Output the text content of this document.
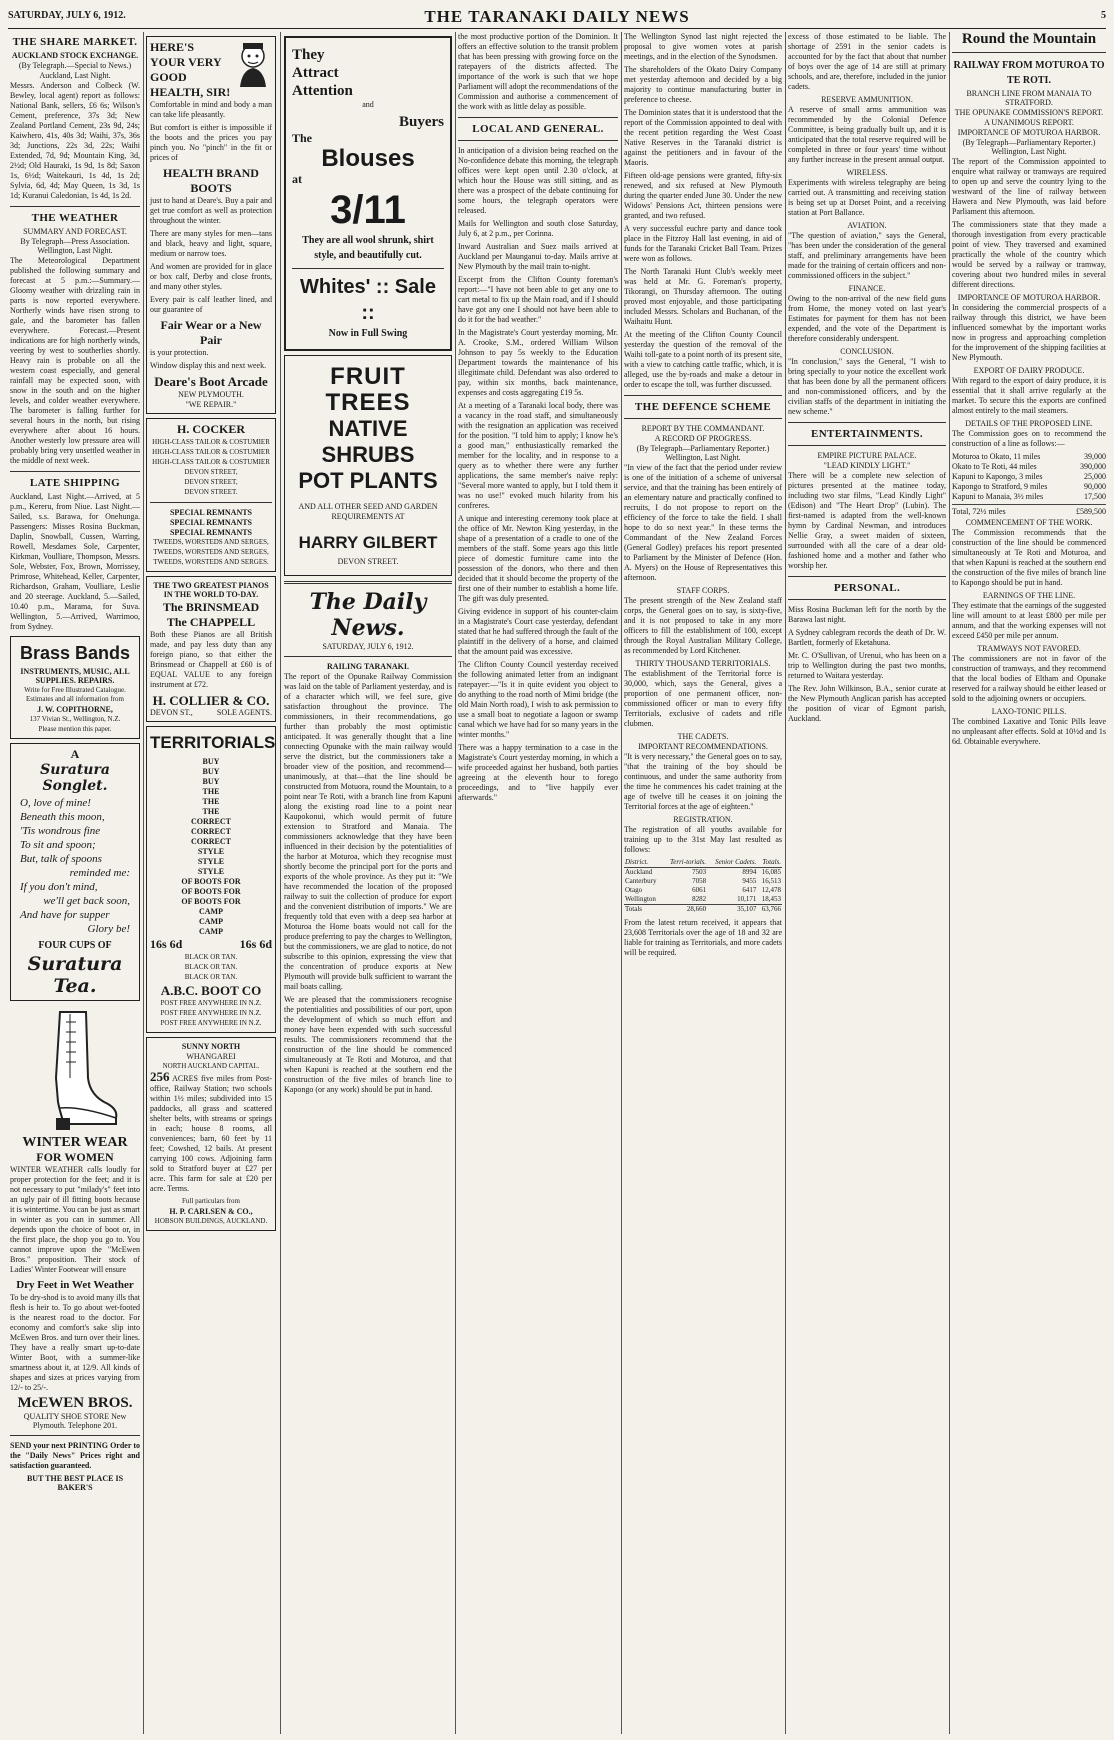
SATURDAY, JULY 6, 1912.	THE TARANAKI DAILY NEWS	5
THE SHARE MARKET.
AUCKLAND STOCK EXCHANGE.
(By Telegraph.—Special to News.)
Auckland, Last Night.

Messrs. Anderson and Colbeck (W. Bewley, local agent) report as follows: National Bank, sellers, £6 6s; Wilson's Cement, preference, 37s 3d; New Zealand Portland Cement, 23s 9d, 24s; Kaiwhero, 41s, 40s 3d; Waihi, 37s, 36s 3d; Junctions, 22s 3d, 22s; Waihi Extended, 7d, 9d; Mountain King, 3d, 2½d; Old Hauraki, 1s 9d, 1s 8d; Saxon 1s, 6½d; Waitekauri, 1s 4d, 1s 2d; Sylvia, 6d, 4d; May Queen, 1s 3d, 1s 1d; Kuranui Caledonian, 1s 4d, 1s 2d.

THE WEATHER
SUMMARY AND FORECAST.
By Telegraph—Press Association. Wellington, Last Night.

The Meteorological Department published the following summary and forecast at 5 p.m.:—Summary.—Gloomy weather with drizzling rain in parts is now reported everywhere. Northerly winds have risen strong to gale, and the barometer has fallen everywhere. Forecast.—Present indications are for high northerly winds, veering by west to southerlies shortly. Heavy rain is probable on all the western coast especially, and general rainfall may be expected soon, with snow in the south and on the higher levels, and colder weather everywhere. The barometer is falling further for several hours in the north, but rising everywhere after about 16 hours. Another westerly low pressure area will probably bring very unsettled weather in the middle of next week.

LATE SHIPPING

Auckland, Last Night.—Arrived, at 5 p.m., Kereru, from Niue. Last Night.—Sailed, s.s. Barawa, for Onehunga. Passengers: Misses Rosina Buckman, Daplin, Snowball, Cussen, Warring, Rowell, Mesdames Sole, Carpenter, Kirkman, Voulliare, Thompson, Messrs. Sole, Webster, Fox, Brown, Morrissey, Primrose, Whitehead, Keller, Carpenter, Richardson, Graham, Voulliare, Leslie and 20 steerage. Auckland, 5.—Sailed, 10.40 p.m., Marama, for Suva. Wellington, 5.—Arrived, Warrimoo, from Sydney.

Brass Bands
INSTRUMENTS, MUSIC, ALL SUPPLIES. REPAIRS.
Write for Free Illustrated Catalogue. Estimates and all information from
J. W. COPITHORNE,
137 Vivian St., Wellington, N.Z.
Please mention this paper.
A
Suratura Songlet.
O, love of mine!
Beneath this moon,
'Tis wondrous fine
To sit and spoon;
But, talk of spoons
reminded me:
If you don't mind,
we'll get back soon,
And have for supper
Glory be!
FOUR CUPS OF
Suratura Tea.
WINTER WEAR
FOR WOMEN

WINTER WEATHER calls loudly for proper protection for the feet; and it is not necessary to put "milady's" feet into an ugly pair of ill fitting boots because it is wintertime. You can be just as smart in winter as you can in summer. All depends upon the choice of boot or, in the first place, the shop you go to. You cannot improve upon the "McEwen Bros." proposition. Their stock of Ladies' Winter Footwear will ensure

Dry Feet in Wet Weather

To be dry-shod is to avoid many ills that flesh is heir to. To go about wet-footed is the nearest road to the doctor. For economy and comfort's sake slip into McEwen Bros. and turn over their lines. They have a really smart up-to-date Winter Boot, with a summer-like smartness about it, at 12/9. All kinds of shapes and sizes at prices varying from 12/- to 25/-.

McEWEN BROS.
QUALITY SHOE STORE New Plymouth. Telephone 201.

SEND your next PRINTING Order to the "Daily News" Prices right and satisfaction guaranteed.

BUT THE BEST PLACE IS BAKER'S
HERE'S YOUR VERY GOOD HEALTH, SIR!

Comfortable in mind and body a man can take life pleasantly.

But comfort is either is impossible if the boots and the prices you pay pinch you. No "pinch" in the fit or prices of

HEALTH BRAND BOOTS

just to hand at Deare's. Buy a pair and get true comfort as well as protection throughout the winter.

There are many styles for men—tans and black, heavy and light, square, medium or narrow toes.

And women are provided for in glace or box calf, Derby and close fronts, and many other styles.

Every pair is calf leather lined, and our guarantee of

Fair Wear or a New Pair

is your protection.

Window display this and next week.

Deare's Boot Arcade
NEW PLYMOUTH.
"WE REPAIR."
H. COCKER
HIGH-CLASS TAILOR & COSTUMIER
HIGH-CLASS TAILOR & COSTUMIER
HIGH-CLASS TAILOR & COSTUMIER
DEVON STREET,
DEVON STREET,
DEVON STREET.
SPECIAL REMNANTS
SPECIAL REMNANTS
SPECIAL REMNANTS
TWEEDS, WORSTEDS AND SERGES,
TWEEDS, WORSTEDS AND SERGES,
TWEEDS, WORSTEDS AND SERGES.
THE TWO GREATEST PIANOS IN THE WORLD TO-DAY.
The BRINSMEAD
The CHAPPELL

Both these Pianos are all British made, and pay less duty than any foreign piano, so that either the Brinsmead or Chappell at £60 is of EQUAL VALUE to any foreign instrument at £72.

H. COLLIER & CO.
DEVON ST.,	SOLE AGENTS.
TERRITORIALS
BUY
BUY
BUY
THE
THE
THE
CORRECT
CORRECT
CORRECT
STYLE
STYLE
STYLE
OF BOOTS FOR
OF BOOTS FOR
OF BOOTS FOR
CAMP
CAMP
CAMP
16s 6d	16s 6d
BLACK OR TAN.
BLACK OR TAN.
BLACK OR TAN.
A.B.C. BOOT CO
POST FREE ANYWHERE IN N.Z.
POST FREE ANYWHERE IN N.Z.
POST FREE ANYWHERE IN N.Z.
SUNNY NORTH
WHANGAREI
NORTH AUCKLAND CAPITAL.

256 ACRES five miles from Post-office, Railway Station; two schools within 1½ miles; subdivided into 15 paddocks, all grass and scattered shelter belts, with streams or springs in each; house 8 rooms, all conveniences; barn, 60 feet by 11 feet; Cowshed, 12 bails. At present carrying 100 cows. Adjoining farm sold to Stratford buyer at £27 per acre. This farm for sale at £20 per acre. Terms.

Full particulars from
H. P. CARLSEN & CO.,
HOBSON BUILDINGS, AUCKLAND.
They
Attract
Attention
and
Buyers
The
Blouses
at
3/11
They are all wool shrunk, shirt style, and beautifully cut.
Whites' :: Sale ::
Now in Full Swing
FRUIT TREES
NATIVE SHRUBS
POT PLANTS

AND ALL OTHER SEED AND GARDEN REQUIREMENTS AT

HARRY GILBERT
DEVON STREET.
The Daily News.
SATURDAY, JULY 6, 1912.
RAILING TARANAKI.

The report of the Opunake Railway Commission was laid on the table of Parliament yesterday, and is of a character which will, we feel sure, give satisfaction throughout the province. The commissioners, in their recommendations, go further than probably the most optimistic anticipated. It was generally thought that a line connecting Opunake with the main railway would serve the district, but the commissioners take a broader view of the position, and recommend—unanimously, at that—that the line should be constructed from Motuora, round the Mountain, to a point near Te Roti, with a branch line from Kapuni along the existing road line to a point near Kaupokonui, which would permit of future extension to Stratford and Manaia. The commissioners acknowledge that they have been influenced in their decision by the potentialities of the harbor at Moturoa, which they recognise must shortly become the principal port for the ports and exports of the whole province. As they put it: "We have recommended the location of the proposed railway to suit the collection of produce for export and the convenient distribution of imports." We are frequently told that even with a deep sea harbor at Moturoa the Home boats would not call for the produce preferring to pay the charges to Wellington, but the commissioners, we are glad to notice, do not subscribe to this opinion, expressing the view that the concentration of produce exports at New Plymouth will provide bulk sufficient to warrant the mail boats calling.

We are pleased that the commissioners recognise the potentialities and possibilities of our port, upon the development of which so much effort and money have been expended with such successful results. The commissioners recommend that the construction of the line should be commenced simultaneously at Te Roti and Moturoa, and that when Kapuni is reached at the southern end the construction of the five miles of branch line to Kapongo (or any work) should be put in hand.

the most productive portion of the Dominion. It offers an effective solution to the transit problem that has been pressing with growing force on the ratepayers of the districts affected. The importance of the work is such that we hope Parliament will adopt the recommendations of the Commission and authorise a commencement of the work with as little delay as possible.

LOCAL AND GENERAL.

In anticipation of a division being reached on the No-confidence debate this morning, the telegraph offices were kept open until 2.30 o'clock, at which hour the House was still sitting, and as there was a prospect of the debate continuing for some hours, the telegraph operators were released.

Mails for Wellington and south close Saturday, July 6, at 2 p.m., per Corinna.

Inward Australian and Suez mails arrived at Auckland per Maunganui to-day. Mails arrive at New Plymouth by the mail train to-night.

Excerpt from the Clifton County foreman's report:—"I have not been able to get any one to cart metal to fix up the Main road, and if I should have got any one I should not have been able to do it for the bad weather."

In the Magistrate's Court yesterday morning, Mr. A. Crooke, S.M., ordered William Wilson Johnson to pay 5s weekly to the Education Department towards the maintenance of his illegitimate child. Defendant was also ordered to pay, within six months, back maintenance, expenses and costs aggregating £19 5s.

At a meeting of a Taranaki local body, there was a vacancy in the road staff, and simultaneously with the resignation an application was received for the position. "I told him to apply; I know he's a good man," enthusiastically remarked the member for the locality, and in response to a query as to whether there were any further applications, the same member's naive reply: "Several more wanted to apply, but I told them it was no use!" evoked much hilarity from his confreres.

A unique and interesting ceremony took place at the office of Mr. Newton King yesterday, in the shape of a presentation of a cradle to one of the members of the staff. Some years ago this little piece of domestic furniture came into the possession of the donors, who there and then decided that it should become the property of the first one of their number to establish a home life. The gift was duly presented.

Giving evidence in support of his counter-claim in a Magistrate's Court case yesterday, defendant stated that he had suffered through the fault of the plaintiff in the delivery of a horse, and claimed that the amount paid was excessive.

The Clifton County Council yesterday received the following animated letter from an indignant ratepayer:—"Is it in quite evident you object to do anything to the road north of Mimi bridge (the old Main North road), I wish to ask permission to use a small boat to negotiate a lagoon or swamp canal which we have had for so many years in the winter months."

There was a happy termination to a case in the Magistrate's Court yesterday morning, in which a wife proceeded against her husband, both parties agreeing at the eleventh hour to forego proceedings, and to "live happily ever afterwards."

The Wellington Synod last night rejected the proposal to give women votes at parish meetings, and in the election of the Synodsmen.

The shareholders of the Okato Dairy Company met yesterday afternoon and decided by a big majority to continue manufacturing butter in preference to cheese.

The Dominion states that it is understood that the report of the Commission appointed to deal with the recent petition regarding the West Coast Native Reserves in the Taranaki district is against the petitioners and in favour of the Maoris.

Fifteen old-age pensions were granted, fifty-six renewed, and six refused at New Plymouth during the quarter ended June 30. Under the new Widows' Pensions Act, thirteen pensions were granted, and two refused.

A very successful euchre party and dance took place in the Fitzroy Hall last evening, in aid of funds for the Taranaki Cricket Ball Team. Prizes were won as follows.

The North Taranaki Hunt Club's weekly meet was held at Mr. G. Foreman's property, Tikorangi, on Thursday afternoon. The outing proved most enjoyable, and those participating included Messrs. Scholars and Buchanan, of the Waihaitu Hunt.

At the meeting of the Clifton County Council yesterday the question of the removal of the Waihi toll-gate to a point north of its present site, with a view to catching cattle traffic, which, it is alleged, use the by-roads and make a detour in order to escape the toll, was further discussed.

THE DEFENCE SCHEME
REPORT BY THE COMMANDANT.
A RECORD OF PROGRESS.
(By Telegraph—Parliamentary Reporter.) Wellington, Last Night.

"In view of the fact that the period under review is one of the initiation of a scheme of universal service, and that the training has been entirely of an elementary nature and practically confined to recruits, I do not propose to report on the efficiency of the force to take the field. I shall hope to do so next year." In these terms the Commandant of the New Zealand Forces (General Godley) prefaces his report presented to Parliament by the Minister of Defence (Hon. A. Myers) on the House of Representatives this afternoon.

STAFF CORPS.

The present strength of the New Zealand staff corps, the General goes on to say, is sixty-five, and it is not proposed to take in any more officers to fill the establishment of 100, except through the Royal Australian Military College, as recommended by Lord Kitchener.

THIRTY THOUSAND TERRITORIALS.

The establishment of the Territorial force is 30,000, which, says the General, gives a proportion of one permanent officer, non-commissioned officer or man to every fifty Territorials, exclusive of cadets and rifle clubmen.

THE CADETS.
IMPORTANT RECOMMENDATIONS.

"It is very necessary," the General goes on to say, "that the training of the boy should be continuous, and under the same authority from the time he commences his cadet training at the age of twelve till he ceases it on joining the Territorial forces at the age of eighteen."

REGISTRATION.

The registration of all youths available for training up to the 31st May last resulted as follows:

District.	Terri-torials.	Senior Cadets.	Totals.
Auckland	7503	8994	16,085
Canterbury	7058	9455	16,513
Otago	6061	6417	12,478
Wellington	8282	10,171	18,453
Totals	28,660	35,107	63,766

From the latest return received, it appears that 23,608 Territorials over the age of 18 and 32 are liable for training as Territorials, and more cadets will be required.

excess of those estimated to be liable. The shortage of 2591 in the senior cadets is accounted for by the fact that about that number of boys over the age of 14 are still at primary schools, and are, therefore, included in the junior cadets.

RESERVE AMMUNITION.

A reserve of small arms ammunition was recommended by the Colonial Defence Committee, is being gradually built up, and it is anticipated that the total reserve required will be completed in three or four years' time without any further increase in the present annual output.

WIRELESS.

Experiments with wireless telegraphy are being carried out. A transmitting and receiving station is being set up at Dorset Point, and a receiving station at Port Ballance.

AVIATION.

"The question of aviation," says the General, "has been under the consideration of the general staff, and preliminary arrangements have been made for the training of certain officers and non-commissioned officers in the subject."

FINANCE.

Owing to the non-arrival of the new field guns from Home, the money voted on last year's Estimates for payment for them has not been expended, and the vote of the Department is therefore considerably underspent.

CONCLUSION.

"In conclusion," says the General, "I wish to bring specially to your notice the excellent work that has been done by all the permanent officers and non-commissioned officers, and by the civilian staffs of the department in initiating the new scheme."

ENTERTAINMENTS.
EMPIRE PICTURE PALACE.
"LEAD KINDLY LIGHT."

There will be a complete new selection of pictures presented at the matinee today, including two star films, "Lead Kindly Light" (Edison) and "The Heart Drop" (Lubin). The first-named is adapted from the well-known hymn by Cardinal Newman, and introduces Nellie Gray, a sweet maiden of sixteen, surrounded with all the care of a dear old-fashioned home and a mother and father who worship her.

PERSONAL.

Miss Rosina Buckman left for the north by the Barawa last night.

A Sydney cablegram records the death of Dr. W. Bartlett, formerly of Eketahuna.

Mr. C. O'Sullivan, of Urenui, who has been on a trip to Wellington during the past two months, returned to Waitara yesterday.

The Rev. John Wilkinson, B.A., senior curate at the New Plymouth Anglican parish has accepted the position of vicar of Egmont parish, Auckland.

Round the Mountain
RAILWAY FROM MOTUROA TO TE ROTI.
BRANCH LINE FROM MANAIA TO STRATFORD.
THE OPUNAKE COMMISSION'S REPORT.
A UNANIMOUS REPORT.
IMPORTANCE OF MOTUROA HARBOR.
(By Telegraph—Parliamentary Reporter.) Wellington, Last Night.

The report of the Commission appointed to enquire what railway or tramways are required to open up and serve the country lying to the westward of the line of railway between Hawera and New Plymouth, was laid before Parliament this afternoon.

The commissioners state that they made a thorough investigation from every practicable point of view. They traversed and examined practically the whole of the country which would be served by a railway or tramway, covering about two hundred miles in several different directions.

IMPORTANCE OF MOTUROA HARBOR.

In considering the commercial prospects of a railway through this district, we have been influenced somewhat by the important works now in progress and approaching completion for the improvement of the shipping facilities at New Plymouth.

EXPORT OF DAIRY PRODUCE.

With regard to the export of dairy produce, it is essential that it shall arrive regularly at the market. To secure this the exports are confined almost entirely to the mail steamers.

DETAILS OF THE PROPOSED LINE.

The Commission goes on to recommend the construction of a line as follows:—

Moturoa to Okato, 11 miles	39,000
Okato to Te Roti, 44 miles	390,000
Kapuni to Kapongo, 3 miles	25,000
Kapongo to Stratford, 9 miles	90,000
Kapuni to Manaia, 3½ miles	17,500
Total, 72½ miles	£589,500
COMMENCEMENT OF THE WORK.

The Commission recommends that the construction of the line should be commenced simultaneously at Te Roti and Moturoa, and that when Kapuni is reached at the southern end the construction of the five miles of branch line to Kapongo should be put in hand.

EARNINGS OF THE LINE.

They estimate that the earnings of the suggested line will amount to at least £800 per mile per annum, and that the working expenses will not exceed £450 per mile per annum.

TRAMWAYS NOT FAVORED.

The commissioners are not in favor of the construction of tramways, and they recommend that the local bodies of Eltham and Opunake reserved for a railway should be either leased or sold to the adjoining owners or occupiers.

LAXO-TONIC PILLS.

The combined Laxative and Tonic Pills leave no unpleasant after effects. Sold at 10½d and 1s 6d. Obtainable everywhere.
